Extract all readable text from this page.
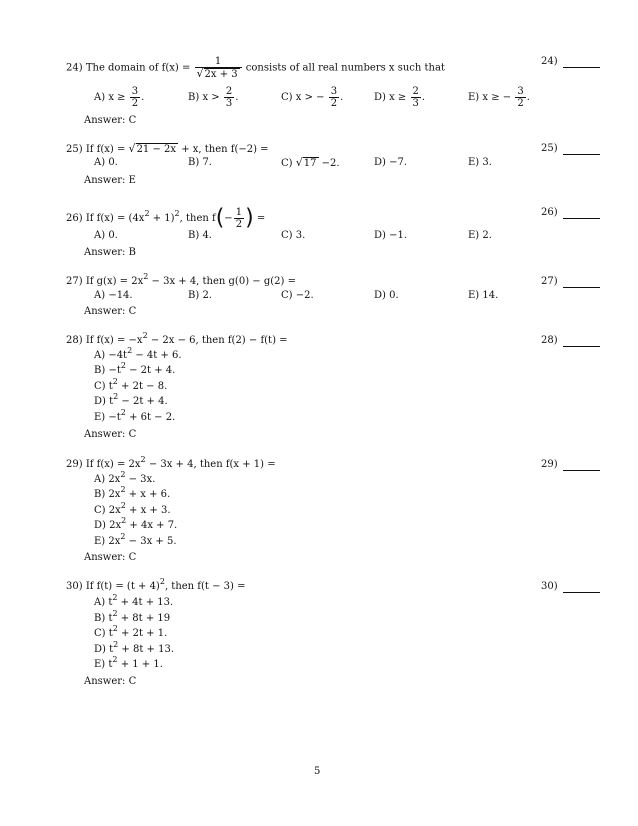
24) The domain of $f(x) = \frac{1}{√2x + 3}$ consists of all real numbers x such that
24)
A) $x \ge \frac{3}{2}$ .	B) $x > \frac{2}{3}$ .	C) x > − $\frac{3}{2}$ .	D) $x \ge \frac{2}{3}$ .	E) x ≥ − $\frac{3}{2}$ .
Answer: C
25) If f(x) = √21 − 2x + x, then f(−2) =	25)
A) 0.	B) 7.	C) √17 −2.	D) −7.	E) 3.
Answer: E
26) If $f(x) = (4x^2 + 1)^2$, then $f(- \frac{1}{2}$ ) =
26)
A) 0.	B) 4.	C) 3.	D) −1.	E) 2.
Answer: B
27) If $g(x) = 2x^2 - 3x + 4$, then g(0) − g(2) =	27)
A) −14.	B) 2.	C) −2.	D) 0.	E) 14.
Answer: C
28) If $f(x) = -x^2 - 2x - 6$, then f(2) − f(t) =	28)
$A) -4t^2 - 4t + 6$.
$B) -t^2 - 2t + 4$.
C) $t^2 + 2t - 8$.
D) $t^2 - 2t + 4$.
$E) -t^2 + 6t - 2$.
Answer: C
29) If $f(x) = 2x^2 - 3x + 4$, then f(x + 1) =	29)
A) $2x^2 - 3x$.
B) $2x^2 + x + 6$.
C) $2x^2 + x + 3$.
D) $2x^2 + 4x + 7$.
E) $2x^2 - 3x + 5$.
Answer: C
30) If $f(t) = (t + 4)^2$, then f(t − 3) =	30)
A) $t^2 + 4t + 13$.
B) $t^2 + 8t + 19$
C) $t^2 + 2t + 1$.
D) $t^2 + 8t + 13$.
E) $t^2 + 1 + 1$.
Answer: C
5
